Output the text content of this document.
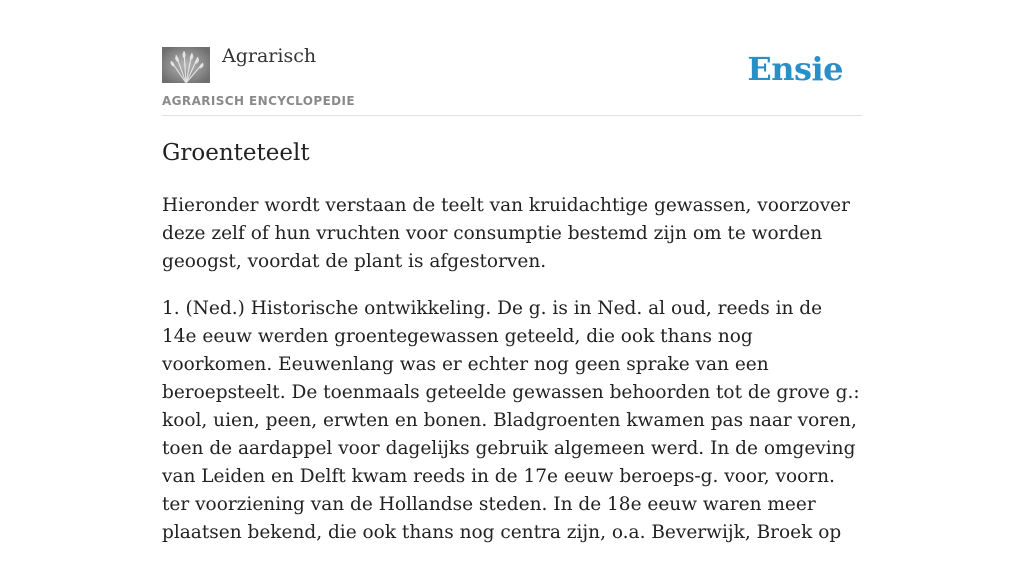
Agrarisch
AGRARISCH ENCYCLOPEDIE
Ensie
Groenteteelt

Hieronder wordt verstaan de teelt van kruidachtige gewassen, voorzover deze zelf of hun vruchten voor consumptie bestemd zijn om te worden geoogst, voordat de plant is afgestorven.

1. (Ned.) Historische ontwikkeling. De g. is in Ned. al oud, reeds in de 14e eeuw werden groentegewassen geteeld, die ook thans nog voorkomen. Eeuwenlang was er echter nog geen sprake van een beroepsteelt. De toenmaals geteelde gewassen behoorden tot de grove g.: kool, uien, peen, erwten en bonen. Bladgroenten kwamen pas naar voren, toen de aardappel voor dagelijks gebruik algemeen werd. In de omgeving van Leiden en Delft kwam reeds in de 17e eeuw beroeps-g. voor, voorn. ter voorziening van de Hollandse steden. In de 18e eeuw waren meer plaatsen bekend, die ook thans nog centra zijn, o.a. Beverwijk, Broek op
